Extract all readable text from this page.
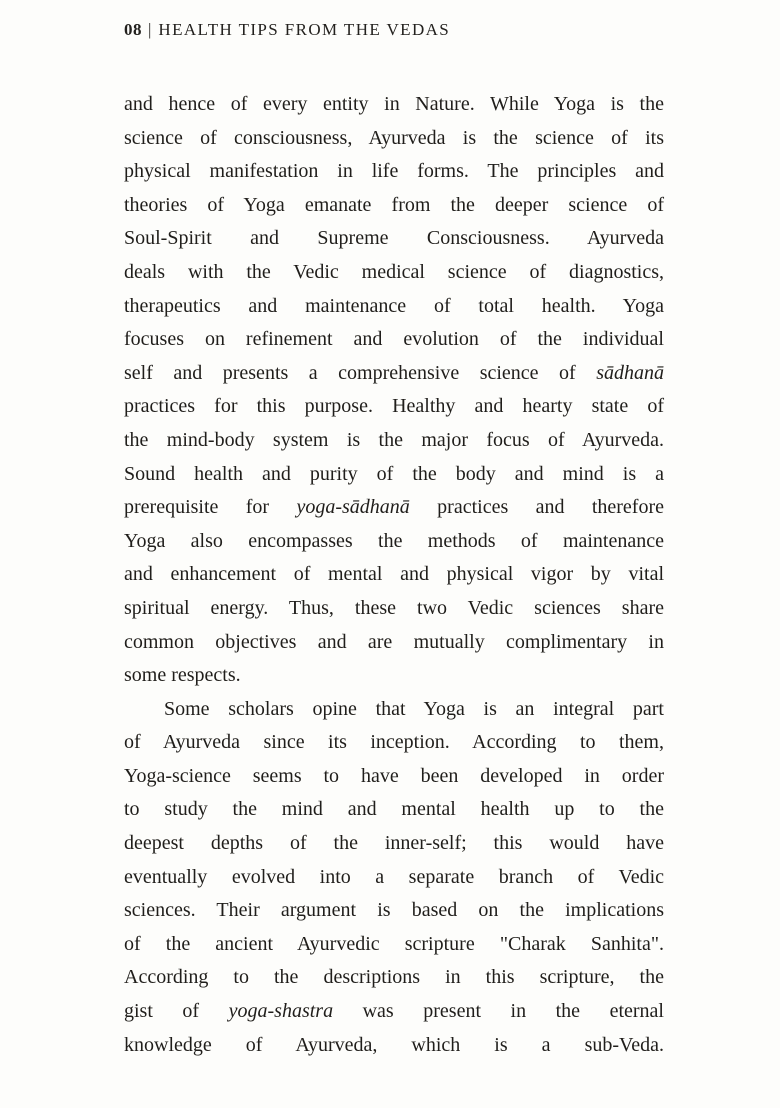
08 | HEALTH TIPS FROM THE VEDAS
and hence of every entity in Nature. While Yoga is the
science of consciousness, Ayurveda is the science of its
physical manifestation in life forms. The principles and
theories of Yoga emanate from the deeper science of
Soul-Spirit and Supreme Consciousness. Ayurveda
deals with the Vedic medical science of diagnostics,
therapeutics and maintenance of total health. Yoga
focuses on refinement and evolution of the individual
self and presents a comprehensive science of sādhanā
practices for this purpose. Healthy and hearty state of
the mind-body system is the major focus of Ayurveda.
Sound health and purity of the body and mind is a
prerequisite for yoga-sādhanā practices and therefore
Yoga also encompasses the methods of maintenance
and enhancement of mental and physical vigor by vital
spiritual energy. Thus, these two Vedic sciences share
common objectives and are mutually complimentary in
some respects.
Some scholars opine that Yoga is an integral part
of Ayurveda since its inception. According to them,
Yoga-science seems to have been developed in order
to study the mind and mental health up to the
deepest depths of the inner-self; this would have
eventually evolved into a separate branch of Vedic
sciences. Their argument is based on the implications
of the ancient Ayurvedic scripture "Charak Sanhita".
According to the descriptions in this scripture, the
gist of yoga-shastra was present in the eternal
knowledge of Ayurveda, which is a sub-Veda.
